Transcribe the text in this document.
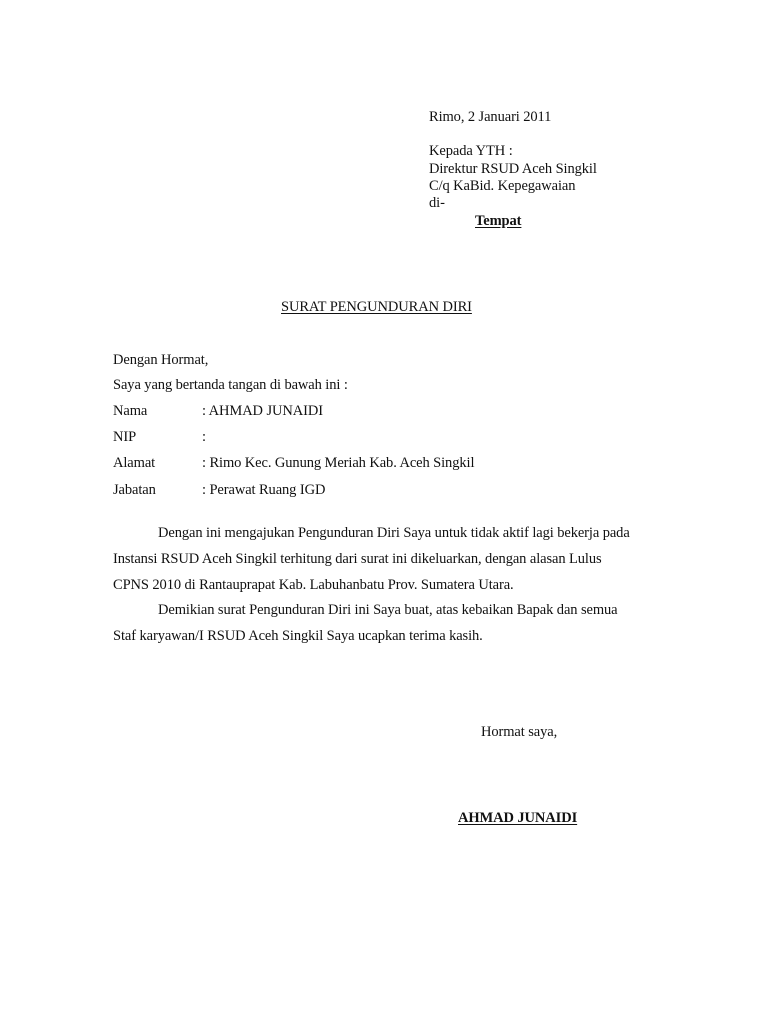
Rimo, 2 Januari 2011
Kepada YTH :
Direktur RSUD Aceh Singkil
C/q KaBid. Kepegawaian
di-
Tempat
SURAT PENGUNDURAN DIRI
Dengan Hormat,
Saya yang bertanda tangan di bawah ini :
Nama	: AHMAD JUNAIDI
NIP	:
Alamat	: Rimo Kec. Gunung Meriah Kab. Aceh Singkil
Jabatan	: Perawat Ruang IGD
Dengan ini mengajukan Pengunduran Diri Saya untuk tidak aktif lagi bekerja pada
Instansi RSUD Aceh Singkil terhitung dari surat ini dikeluarkan, dengan alasan Lulus
CPNS 2010 di Rantauprapat Kab. Labuhanbatu Prov. Sumatera Utara.
Demikian surat Pengunduran Diri ini Saya buat, atas kebaikan Bapak dan semua
Staf karyawan/I RSUD Aceh Singkil Saya ucapkan terima kasih.
Hormat saya,
AHMAD JUNAIDI
